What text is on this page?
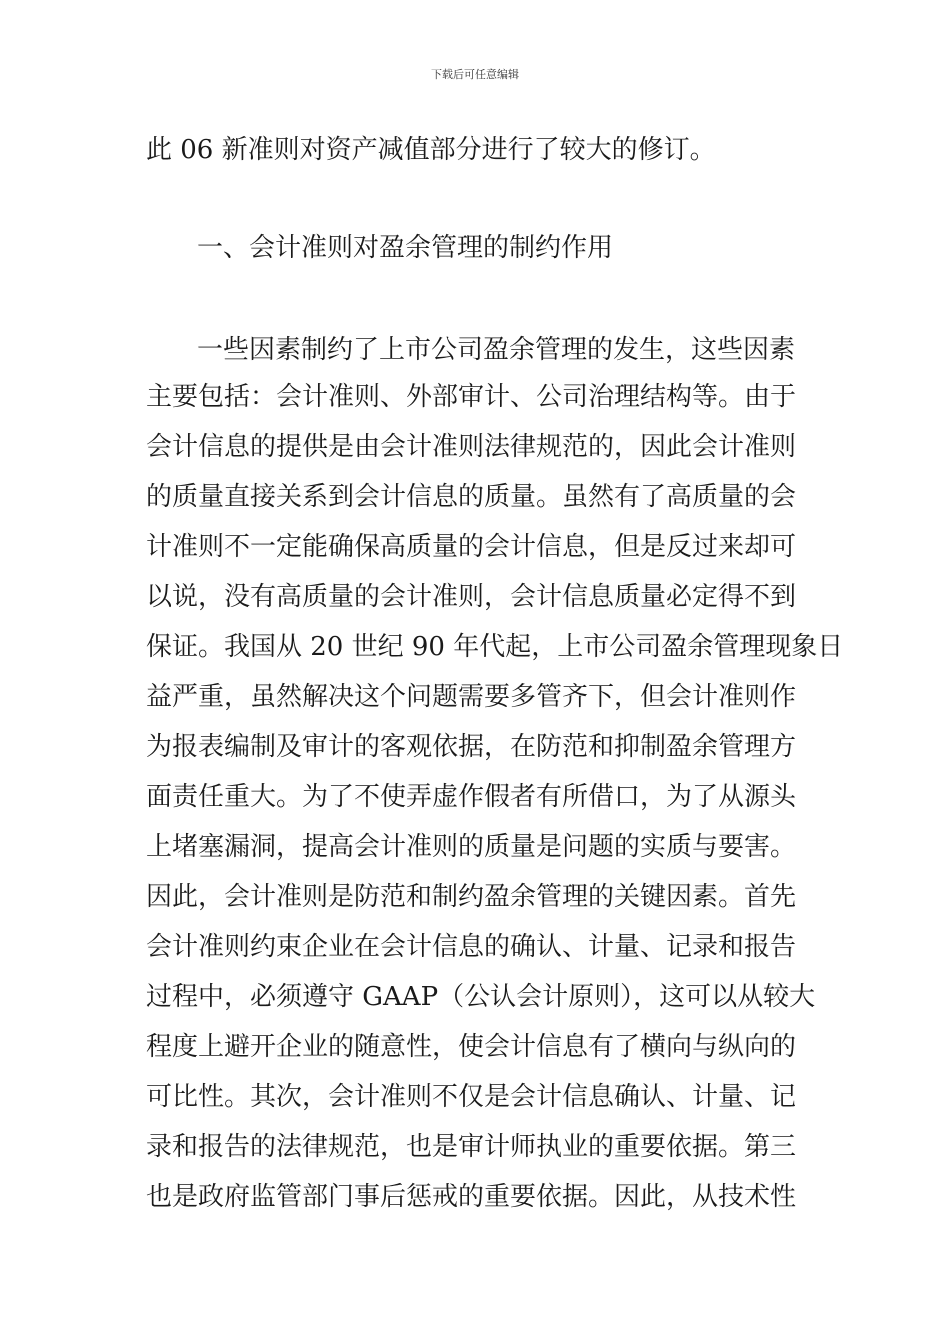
下载后可任意编辑
此 06 新准则对资产减值部分进行了较大的修订。
一、会计准则对盈余管理的制约作用
一些因素制约了上市公司盈余管理的发生，这些因素
主要包括：会计准则、外部审计、公司治理结构等。由于
会计信息的提供是由会计准则法律规范的，因此会计准则
的质量直接关系到会计信息的质量。虽然有了高质量的会
计准则不一定能确保高质量的会计信息，但是反过来却可
以说，没有高质量的会计准则，会计信息质量必定得不到
保证。我国从 20 世纪 90 年代起，上市公司盈余管理现象日
益严重，虽然解决这个问题需要多管齐下，但会计准则作
为报表编制及审计的客观依据，在防范和抑制盈余管理方
面责任重大。为了不使弄虚作假者有所借口，为了从源头
上堵塞漏洞，提高会计准则的质量是问题的实质与要害。
因此，会计准则是防范和制约盈余管理的关键因素。首先
会计准则约束企业在会计信息的确认、计量、记录和报告
过程中，必须遵守 GAAP（公认会计原则），这可以从较大
程度上避开企业的随意性，使会计信息有了横向与纵向的
可比性。其次，会计准则不仅是会计信息确认、计量、记
录和报告的法律规范，也是审计师执业的重要依据。第三
也是政府监管部门事后惩戒的重要依据。因此，从技术性
